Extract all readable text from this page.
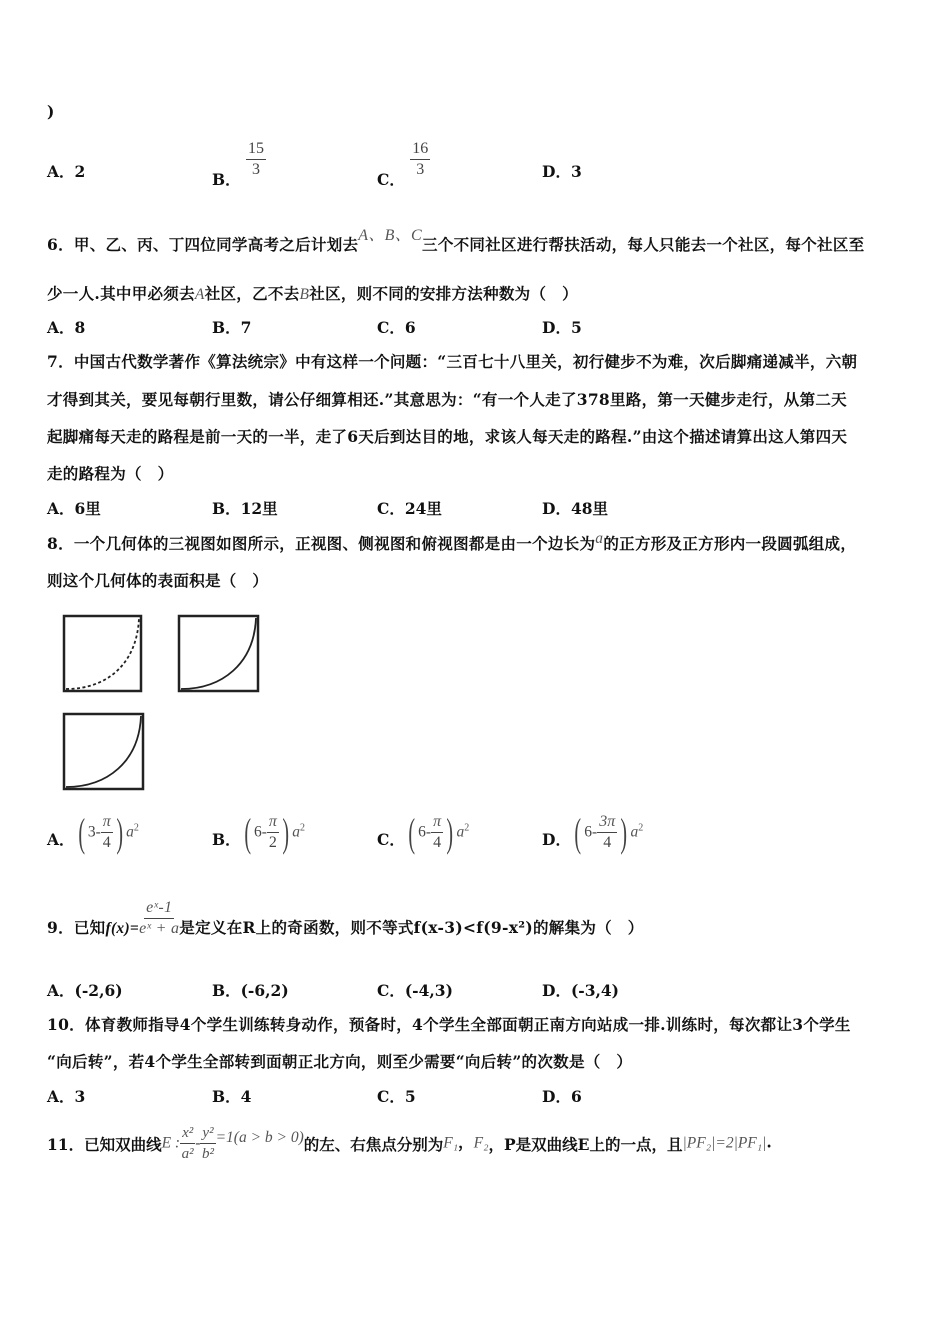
)
A．2	B． $\frac{15}{3}$	C． $\frac{16}{3}$	D．3
6．甲、乙、丙、丁四位同学高考之后计划去A、B、C三个不同社区进行帮扶活动，每人只能去一个社区，每个社区至
少一人.其中甲必须去A社区，乙不去B社区，则不同的安排方法种数为（　）
A．8	B．7	C．6	D．5
7．中国古代数学著作《算法统宗》中有这样一个问题：“三百七十八里关，初行健步不为难，次后脚痛递减半，六朝
才得到其关，要见每朝行里数，请公仔细算相还.”其意思为：“有一个人走了378里路，第一天健步走行，从第二天
起脚痛每天走的路程是前一天的一半，走了6天后到达目的地，求该人每天走的路程.”由这个描述请算出这人第四天
走的路程为（　）
A．6里	B．12里	C．24里	D．48里
8．一个几何体的三视图如图所示，正视图、侧视图和俯视图都是由一个边长为a的正方形及正方形内一段圆弧组成，
则这个几何体的表面积是（　）
A．( $3- \frac{\pi}{4}$ ) $a^2$
B．( $6- \frac{\pi}{2}$ ) $a^2$
C．( $6- \frac{\pi}{4}$ ) $a^2$
D．( $6- \frac{3\pi}{4}$ ) $a^2$
9．已知$f(x)= \frac{\text{eˣ-1}}{\text{eˣ + a}}$ 是定义在R上的奇函数，则不等式f(x-3)<f(9-x²)的解集为（　）
A．(-2,6)	B．(-6,2)	C．(-4,3)	D．(-3,4)
10．体育教师指导4个学生训练转身动作，预备时，4个学生全部面朝正南方向站成一排.训练时，每次都让3个学生
“向后转”，若4个学生全部转到面朝正北方向，则至少需要“向后转”的次数是（　）
A．3	B．4	C．5	D．6
11．已知双曲线E : $\frac{\text{x²}}{\text{a²}} - \frac{\text{y²}}{\text{b²}} =1(a > b > 0)$的左、右焦点分别为F₁，F₂，P是双曲线E上的一点，且|PF₂|=2|PF₁|.
